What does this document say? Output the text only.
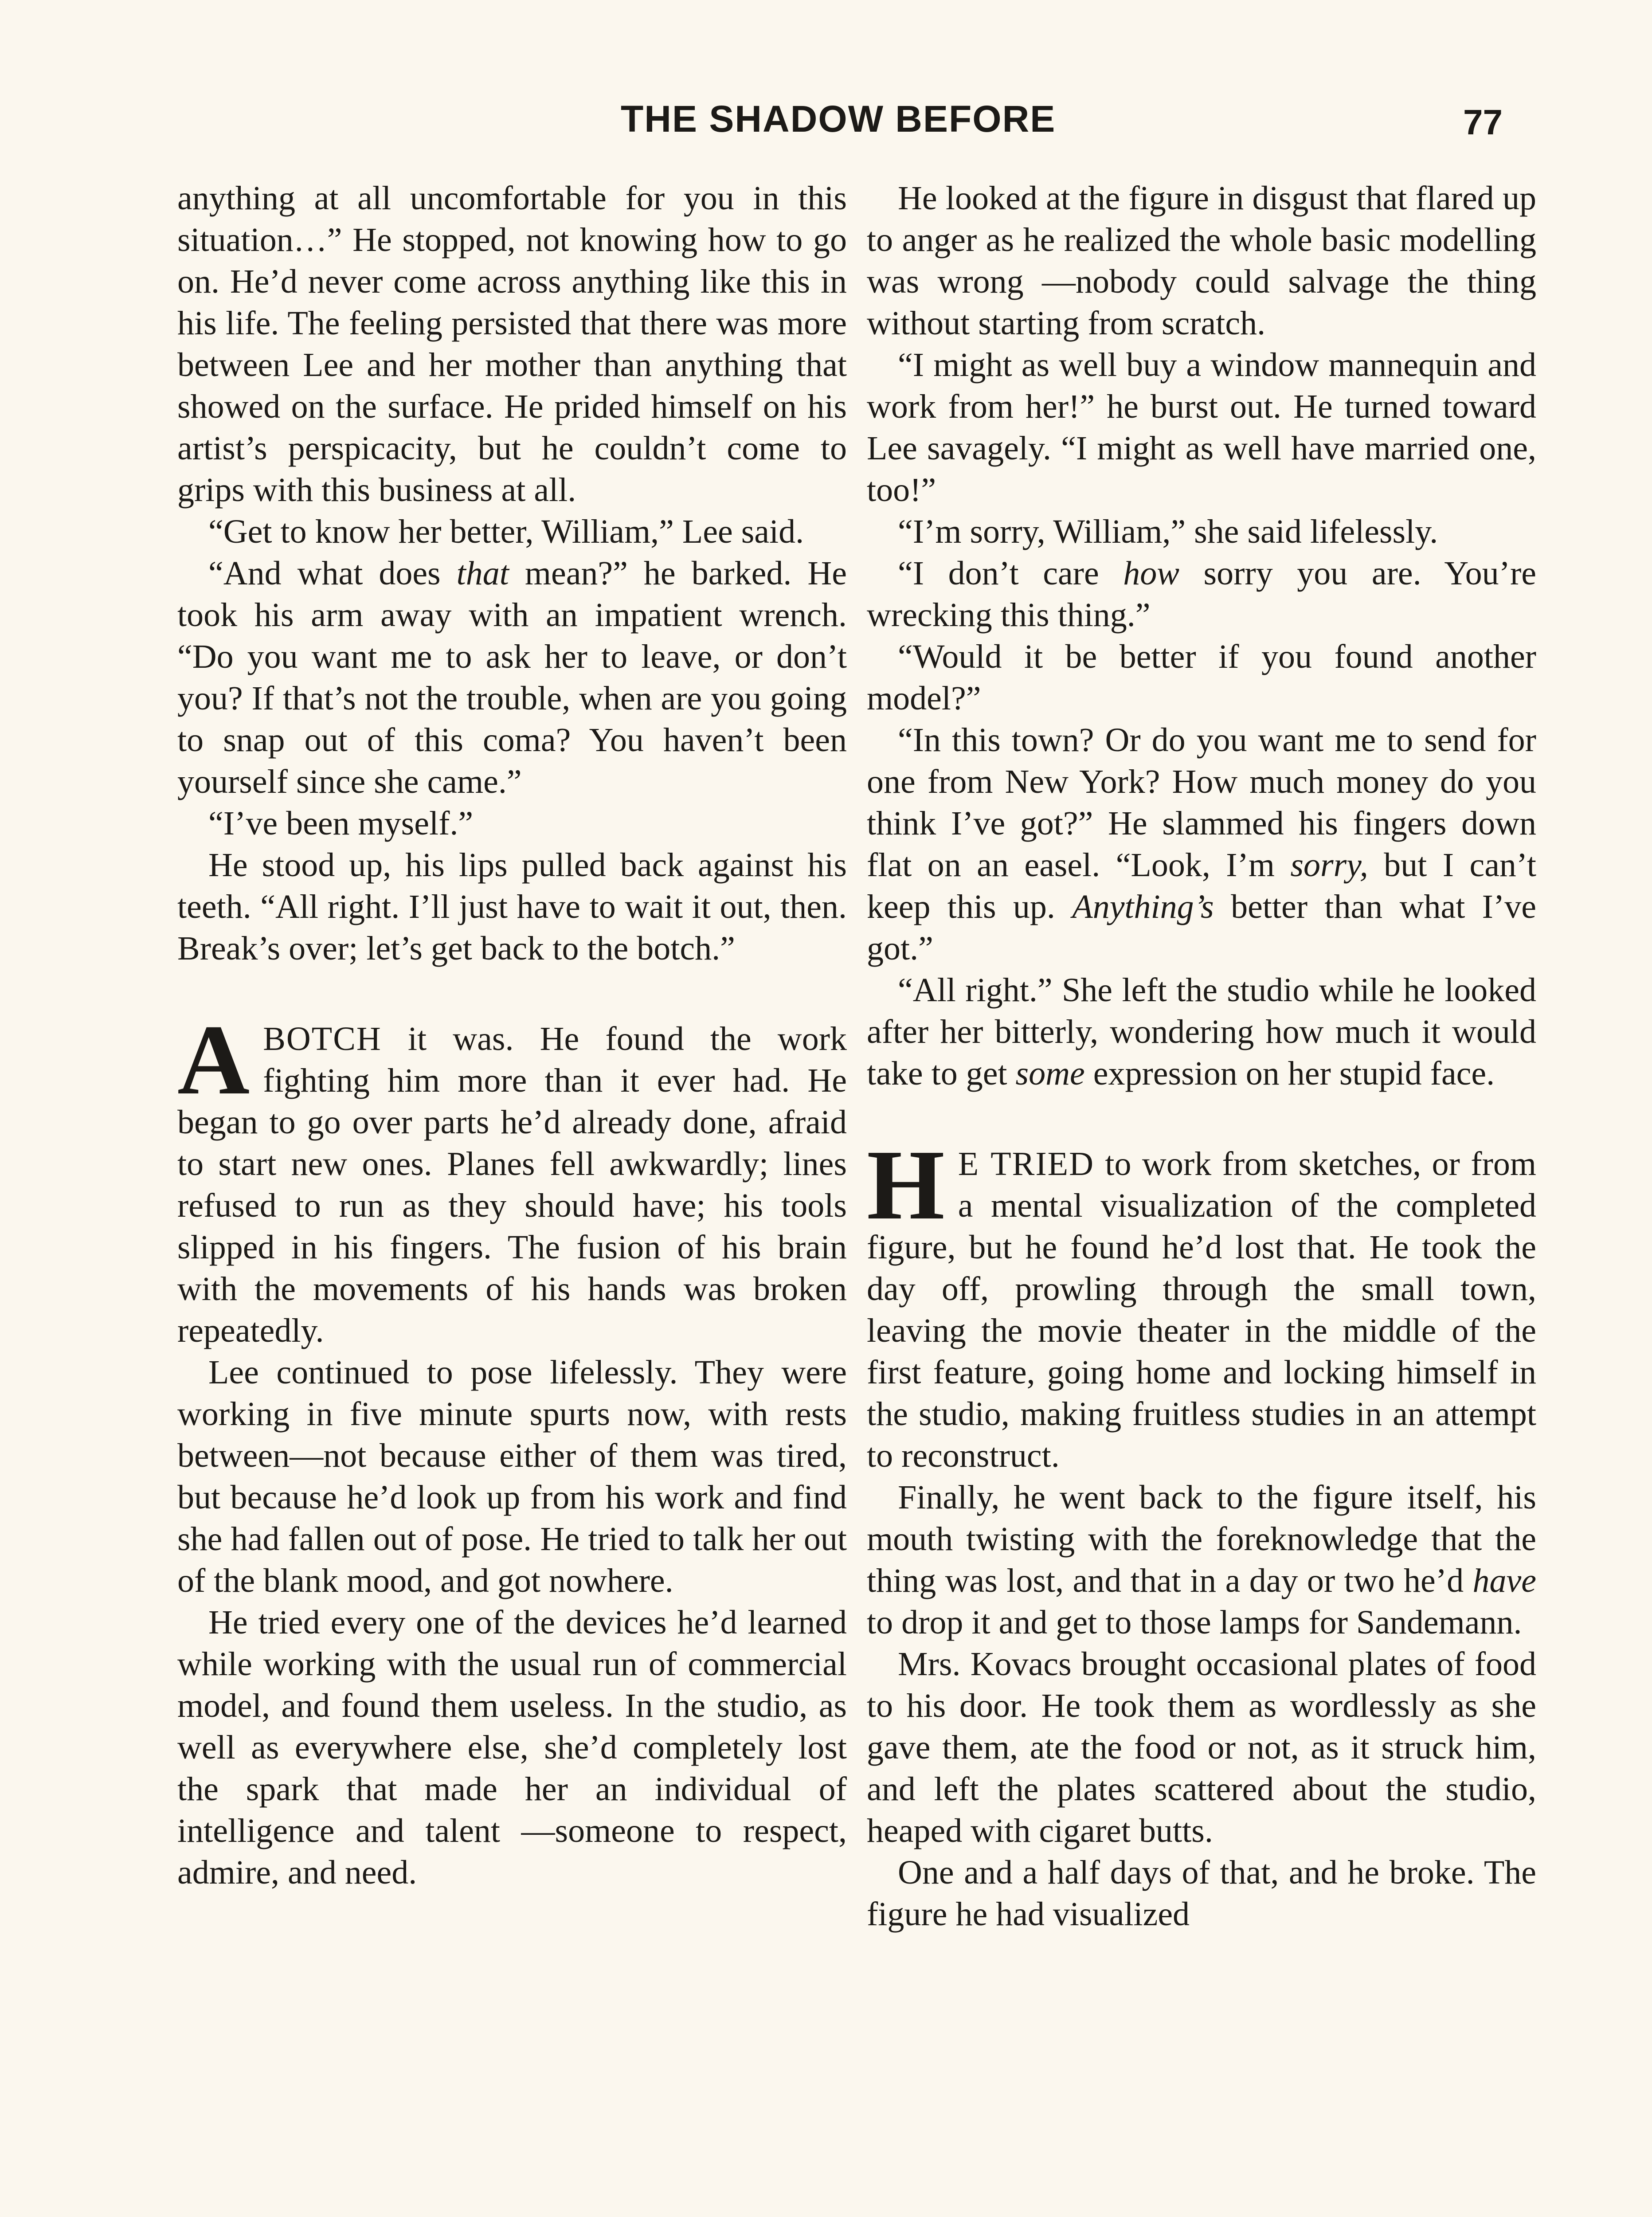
THE SHADOW BEFORE	77

anything at all uncomfortable for you in this situation…” He stopped, not knowing how to go on. He’d never come across anything like this in his life. The feeling persisted that there was more between Lee and her mother than anything that showed on the surface. He prided himself on his artist’s perspicacity, but he couldn’t come to grips with this business at all.

“Get to know her better, William,” Lee said.

“And what does that mean?” he barked. He took his arm away with an impatient wrench. “Do you want me to ask her to leave, or don’t you? If that’s not the trouble, when are you going to snap out of this coma? You haven’t been yourself since she came.”

“I’ve been myself.”

He stood up, his lips pulled back against his teeth. “All right. I’ll just have to wait it out, then. Break’s over; let’s get back to the botch.”

ABOTCH it was. He found the work fighting him more than it ever had. He began to go over parts he’d already done, afraid to start new ones. Planes fell awkwardly; lines refused to run as they should have; his tools slipped in his fingers. The fusion of his brain with the movements of his hands was broken repeatedly.

Lee continued to pose lifelessly. They were working in five minute spurts now, with rests between—not because either of them was tired, but because he’d look up from his work and find she had fallen out of pose. He tried to talk her out of the blank mood, and got nowhere.

He tried every one of the devices he’d learned while working with the usual run of commercial model, and found them useless. In the studio, as well as everywhere else, she’d completely lost the spark that made her an individual of intelligence and talent —someone to respect, admire, and need.

He looked at the figure in disgust that flared up to anger as he realized the whole basic modelling was wrong —nobody could salvage the thing without starting from scratch.

“I might as well buy a window mannequin and work from her!” he burst out. He turned toward Lee savagely. “I might as well have married one, too!”

“I’m sorry, William,” she said lifelessly.

“I don’t care how sorry you are. You’re wrecking this thing.”

“Would it be better if you found another model?”

“In this town? Or do you want me to send for one from New York? How much money do you think I’ve got?” He slammed his fingers down flat on an easel. “Look, I’m sorry, but I can’t keep this up. Anything’s better than what I’ve got.”

“All right.” She left the studio while he looked after her bitterly, wondering how much it would take to get some expression on her stupid face.

H E TRIED to work from sketches, or from a mental visualization of the completed figure, but he found he’d lost that. He took the day off, prowling through the small town, leaving the movie theater in the middle of the first feature, going home and locking himself in the studio, making fruitless studies in an attempt to reconstruct.

Finally, he went back to the figure itself, his mouth twisting with the foreknowledge that the thing was lost, and that in a day or two he’d have to drop it and get to those lamps for Sandemann.

Mrs. Kovacs brought occasional plates of food to his door. He took them as wordlessly as she gave them, ate the food or not, as it struck him, and left the plates scattered about the studio, heaped with cigaret butts.

One and a half days of that, and he broke. The figure he had visualized
